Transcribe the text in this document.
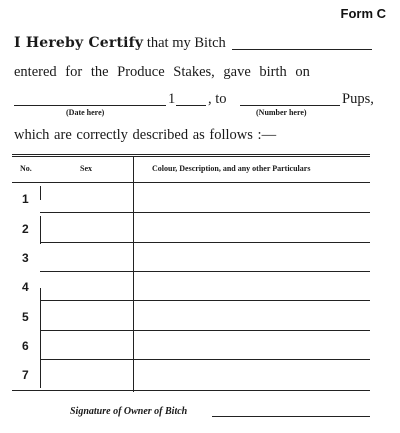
Form C
I Hereby Certify that my Bitch
entered for the Produce Stakes, gave birth on
1 , to	Pups,
(Date here)	(Number here)
which are correctly described as follows :—
No.	Sex	Colour, Description, and any other Particulars
1
2
3
4
5
6
7
Signature of Owner of Bitch
